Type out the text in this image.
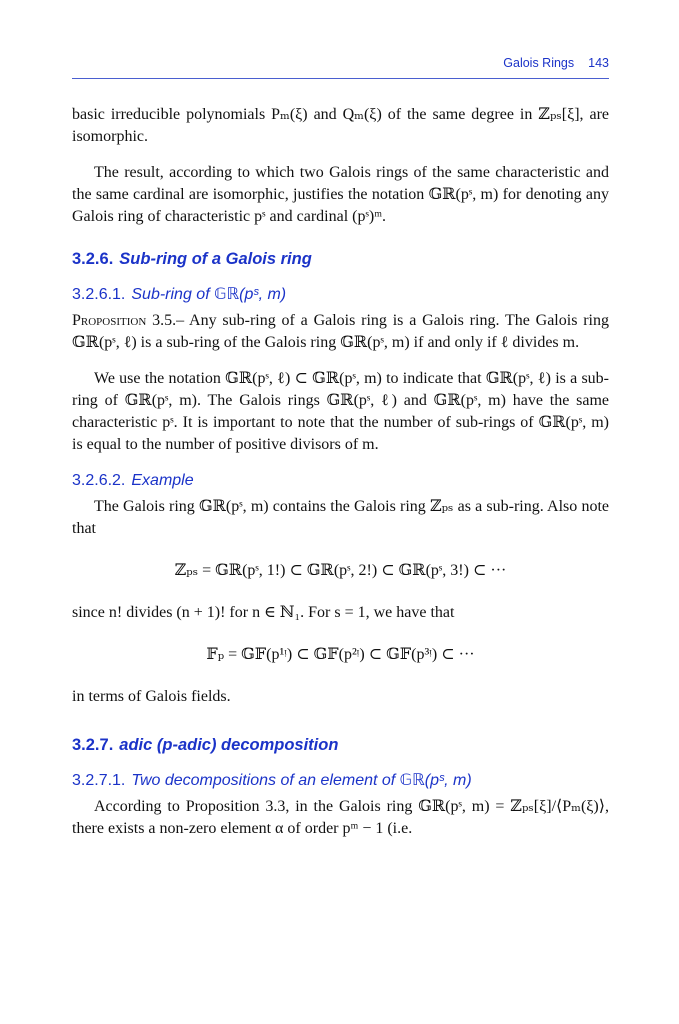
Galois Rings 143

basic irreducible polynomials Pₘ(ξ) and Qₘ(ξ) of the same degree in ℤₚₛ[ξ], are isomorphic.

The result, according to which two Galois rings of the same characteristic and the same cardinal are isomorphic, justifies the notation 𝔾ℝ(pˢ, m) for denoting any Galois ring of characteristic pˢ and cardinal (pˢ)ᵐ.

3.2.6. Sub-ring of a Galois ring
3.2.6.1. Sub-ring of 𝔾ℝ(pˢ, m)

Proposition 3.5.– Any sub-ring of a Galois ring is a Galois ring. The Galois ring 𝔾ℝ(pˢ, ℓ) is a sub-ring of the Galois ring 𝔾ℝ(pˢ, m) if and only if ℓ divides m.

We use the notation 𝔾ℝ(pˢ, ℓ) ⊂ 𝔾ℝ(pˢ, m) to indicate that 𝔾ℝ(pˢ, ℓ) is a sub-ring of 𝔾ℝ(pˢ, m). The Galois rings 𝔾ℝ(pˢ, ℓ) and 𝔾ℝ(pˢ, m) have the same characteristic pˢ. It is important to note that the number of sub-rings of 𝔾ℝ(pˢ, m) is equal to the number of positive divisors of m.

3.2.6.2. Example

The Galois ring 𝔾ℝ(pˢ, m) contains the Galois ring ℤₚₛ as a sub-ring. Also note that

ℤₚₛ = 𝔾ℝ(pˢ, 1!) ⊂ 𝔾ℝ(pˢ, 2!) ⊂ 𝔾ℝ(pˢ, 3!) ⊂ ···

since n! divides (n + 1)! for n ∈ ℕ₁. For s = 1, we have that

𝔽ₚ = 𝔾𝔽(p¹ᵎ) ⊂ 𝔾𝔽(p²ᵎ) ⊂ 𝔾𝔽(p³ᵎ) ⊂ ···

in terms of Galois fields.

3.2.7. adic (p-adic) decomposition
3.2.7.1. Two decompositions of an element of 𝔾ℝ(pˢ, m)

According to Proposition 3.3, in the Galois ring 𝔾ℝ(pˢ, m) = ℤₚₛ[ξ]/⟨Pₘ(ξ)⟩, there exists a non-zero element α of order pᵐ − 1 (i.e.
